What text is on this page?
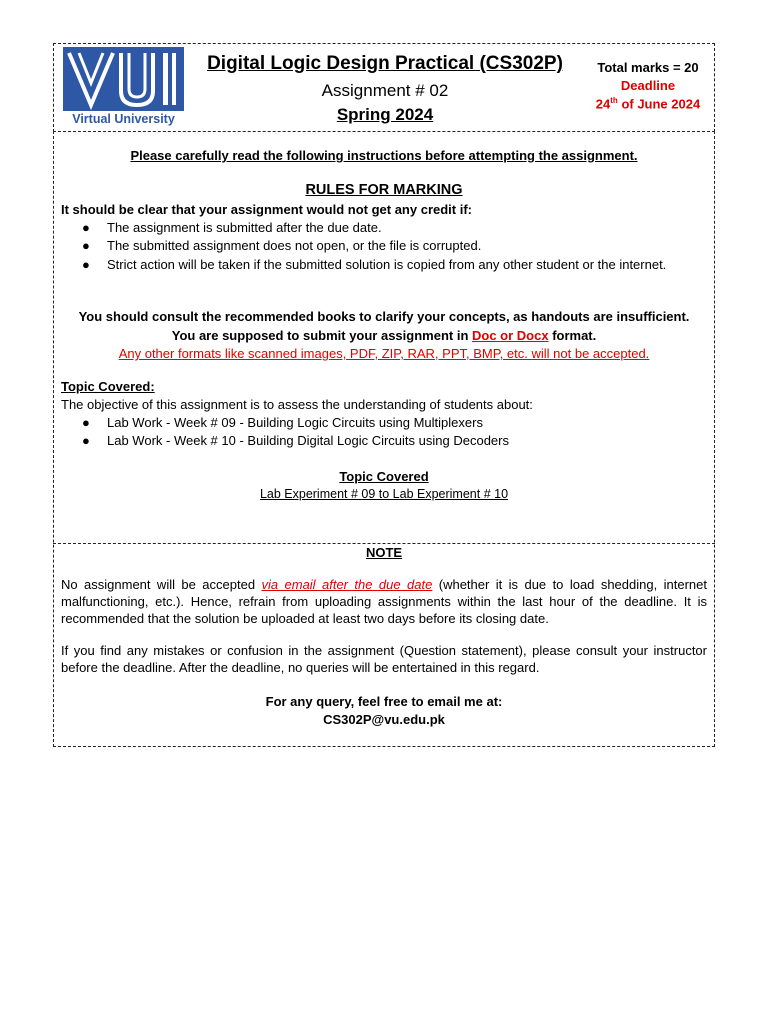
Virtual University
Digital Logic Design Practical (CS302P)
Assignment # 02
Spring 2024
Total marks = 20
Deadline
24th of June 2024
Please carefully read the following instructions before attempting the assignment.
RULES FOR MARKING
It should be clear that your assignment would not get any credit if:
● The assignment is submitted after the due date.
● The submitted assignment does not open, or the file is corrupted.
● Strict action will be taken if the submitted solution is copied from any other student or the internet.
You should consult the recommended books to clarify your concepts, as handouts are insufficient.
You are supposed to submit your assignment in Doc or Docx format.
Any other formats like scanned images, PDF, ZIP, RAR, PPT, BMP, etc. will not be accepted.
Topic Covered:
The objective of this assignment is to assess the understanding of students about:
● Lab Work - Week # 09 - Building Logic Circuits using Multiplexers
● Lab Work - Week # 10 - Building Digital Logic Circuits using Decoders
Topic Covered
Lab Experiment # 09 to Lab Experiment # 10
NOTE
No assignment will be accepted via email after the due date (whether it is due to load shedding, internet malfunctioning, etc.). Hence, refrain from uploading assignments within the last hour of the deadline. It is recommended that the solution be uploaded at least two days before its closing date.
If you find any mistakes or confusion in the assignment (Question statement), please consult your instructor before the deadline. After the deadline, no queries will be entertained in this regard.
For any query, feel free to email me at:
CS302P@vu.edu.pk
